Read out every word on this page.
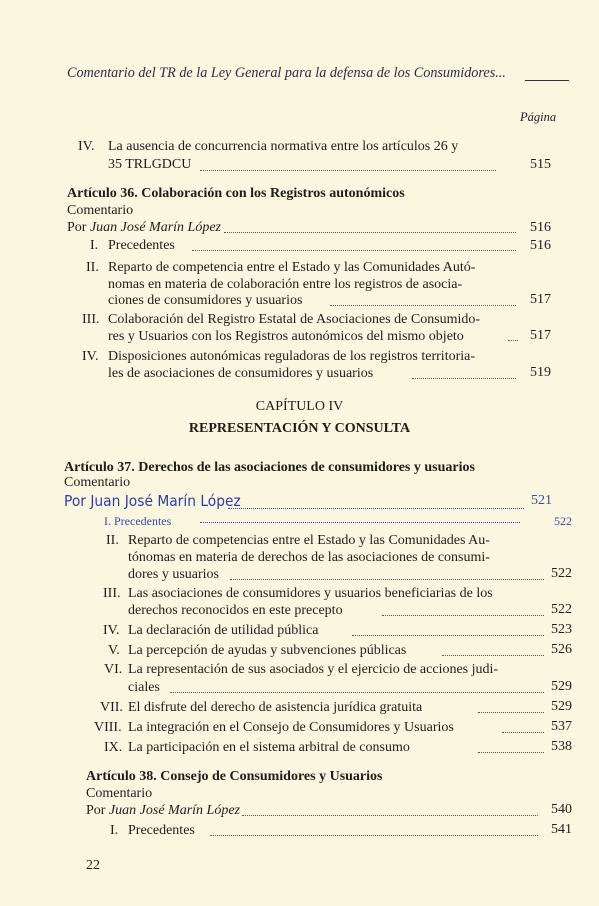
Comentario del TR de la Ley General para la defensa de los Consumidores...
Página
IV. La ausencia de concurrencia normativa entre los artículos 26 y
35 TRLGDCU	515
Artículo 36. Colaboración con los Registros autonómicos
Comentario
Por Juan José Marín López	516
I. Precedentes	516
II. Reparto de competencia entre el Estado y las Comunidades Autó-
nomas en materia de colaboración entre los registros de asocia-
ciones de consumidores y usuarios	517
III. Colaboración del Registro Estatal de Asociaciones de Consumido-
res y Usuarios con los Registros autonómicos del mismo objeto	517
IV. Disposiciones autonómicas reguladoras de los registros territoria-
les de asociaciones de consumidores y usuarios	519
CAPÍTULO IV
REPRESENTACIÓN Y CONSULTA
Artículo 37. Derechos de las asociaciones de consumidores y usuarios
Comentario
Por Juan José Marín López	521
I. Precedentes	522
II. Reparto de competencias entre el Estado y las Comunidades Au-
tónomas en materia de derechos de las asociaciones de consumi-
dores y usuarios	522
III. Las asociaciones de consumidores y usuarios beneficiarias de los
derechos reconocidos en este precepto	522
IV. La declaración de utilidad pública	523
V. La percepción de ayudas y subvenciones públicas	526
VI. La representación de sus asociados y el ejercicio de acciones judi-
ciales	529
VII. El disfrute del derecho de asistencia jurídica gratuita	529
VIII. La integración en el Consejo de Consumidores y Usuarios	537
IX. La participación en el sistema arbitral de consumo	538
Artículo 38. Consejo de Consumidores y Usuarios
Comentario
Por Juan José Marín López	540
I. Precedentes	541
22
